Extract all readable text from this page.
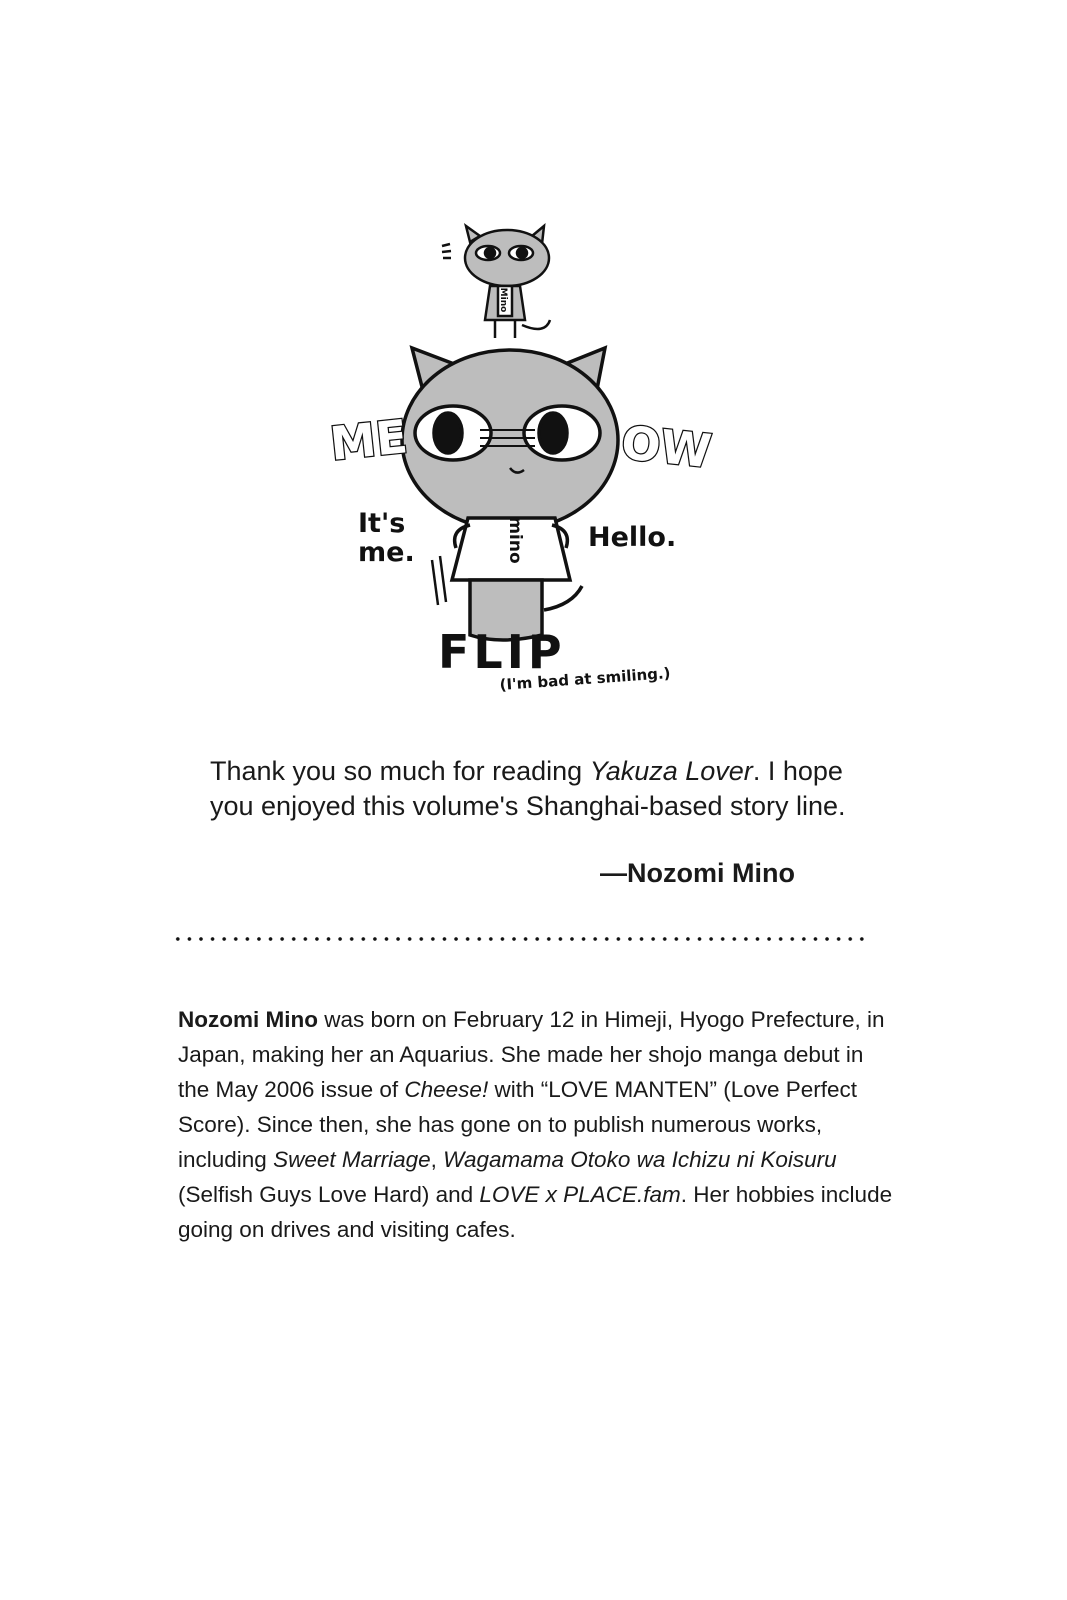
Mino
mino
ME	OW
It's
me.	Hello.
FLIP
(I'm bad at smiling.)

Thank you so much for reading Yakuza Lover. I hope

you enjoyed this volume's Shanghai-based story line.

—Nozomi Mino

Nozomi Mino was born on February 12 in Himeji, Hyogo Prefecture, in Japan, making her an Aquarius. She made her shojo manga debut in the May 2006 issue of Cheese! with “LOVE MANTEN” (Love Perfect Score). Since then, she has gone on to publish numerous works, including Sweet Marriage, Wagamama Otoko wa Ichizu ni Koisuru (Selfish Guys Love Hard) and LOVE x PLACE.fam. Her hobbies include going on drives and visiting cafes.
